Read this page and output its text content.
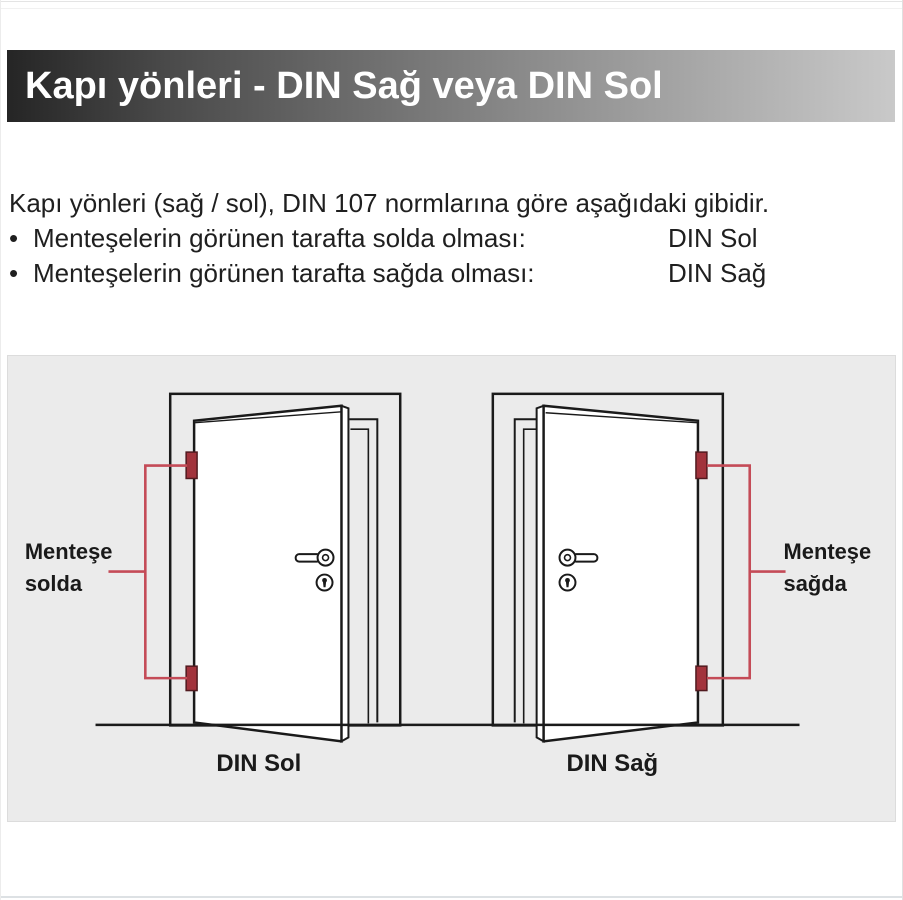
Kapı yönleri - DIN Sağ veya DIN Sol

Kapı yönleri (sağ / sol), DIN 107 normlarına göre aşağıdaki gibidir.

• Menteşelerin görünen tarafta solda olması:	DIN Sol
• Menteşelerin görünen tarafta sağda olması:	DIN Sağ
Menteşe
solda
DIN Sol
Menteşe
sağda
DIN Sağ
